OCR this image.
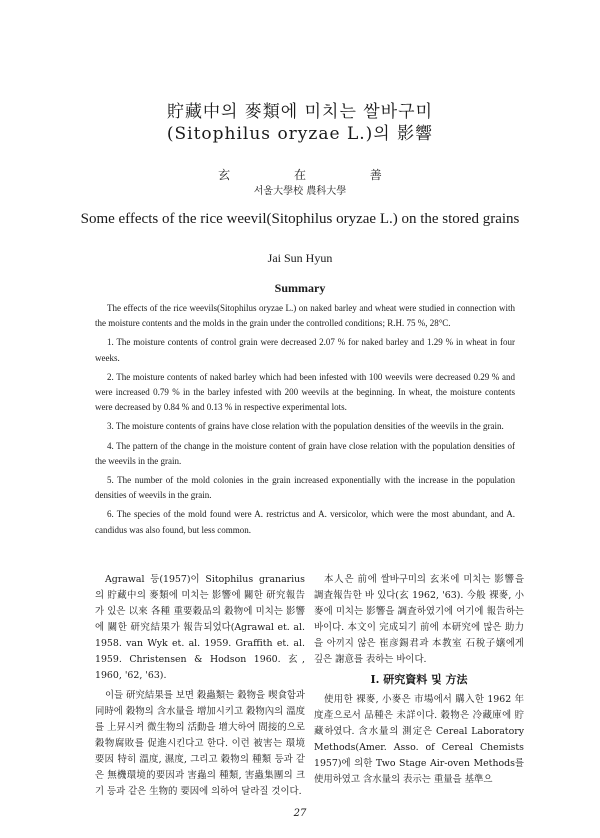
貯藏中의 麥類에 미치는 쌀바구미
(Sitophilus oryzae L.)의 影響
玄 在 善
서울大學校 農科大學
Some effects of the rice weevil(Sitophilus oryzae L.) on the stored grains
Jai Sun Hyun
Summary

The effects of the rice weevils(Sitophilus oryzae L.) on naked barley and wheat were studied in connection with the moisture contents and the molds in the grain under the controlled conditions; R.H. 75 %, 28°C.

1. The moisture contents of control grain were decreased 2.07 % for naked barley and 1.29 % in wheat in four weeks.

2. The moisture contents of naked barley which had been infested with 100 weevils were decreased 0.29 % and were increased 0.79 % in the barley infested with 200 weevils at the beginning. In wheat, the moisture contents were decreased by 0.84 % and 0.13 % in respective experimental lots.

3. The moisture contents of grains have close relation with the population densities of the weevils in the grain.

4. The pattern of the change in the moisture content of grain have close relation with the population densities of the weevils in the grain.

5. The number of the mold colonies in the grain increased exponentially with the increase in the population densities of weevils in the grain.

6. The species of the mold found were A. restrictus and A. versicolor, which were the most abundant, and A. candidus was also found, but less common.

Agrawal 등(1957)이 Sitophilus granarius의 貯藏中의 麥類에 미치는 影響에 關한 研究報告가 있은 以來 各種 重要穀品의 穀物에 미치는 影響에 關한 研究結果가 報告되었다(Agrawal et. al. 1958. van Wyk et. al. 1959. Graffith et. al. 1959. Christensen & Hodson 1960. 玄, 1960, '62, '63).

이들 研究結果를 보면 穀蟲類는 穀物을 喫食함과 同時에 穀物의 含水量을 增加시키고 穀物內의 溫度를 上昇시켜 微生物의 活動을 增大하여 間接的으로 穀物腐敗를 促進시킨다고 한다. 이런 被害는 環境要因 特히 溫度, 濕度, 그리고 穀物의 種類 등과 같은 無機環境的要因과 害蟲의 種類, 害蟲集團의 크기 등과 같은 生物的 要因에 의하여 달라질 것이다.

本人은 前에 쌀바구미의 玄米에 미치는 影響을 調査報告한 바 있다(玄 1962, '63). 今般 裸麥, 小麥에 미치는 影響을 調査하였기에 여기에 報告하는 바이다. 本文이 完成되기 前에 本研究에 많은 助力을 아끼지 않은 崔彦錫君과 本教室 石稅子嬢에게 깊은 謝意를 表하는 바이다.

I. 研究資料 및 方法

使用한 裸麥, 小麥은 市場에서 購入한 1962 年度產으로서 品種은 未詳이다. 穀物은 冷藏庫에 貯藏하였다. 含水量의 測定은 Cereal Laboratory Methods(Amer. Asso. of Cereal Chemists 1957)에 의한 Two Stage Air-oven Methods를 使用하였고 含水量의 表示는 重量을 基準으

27
